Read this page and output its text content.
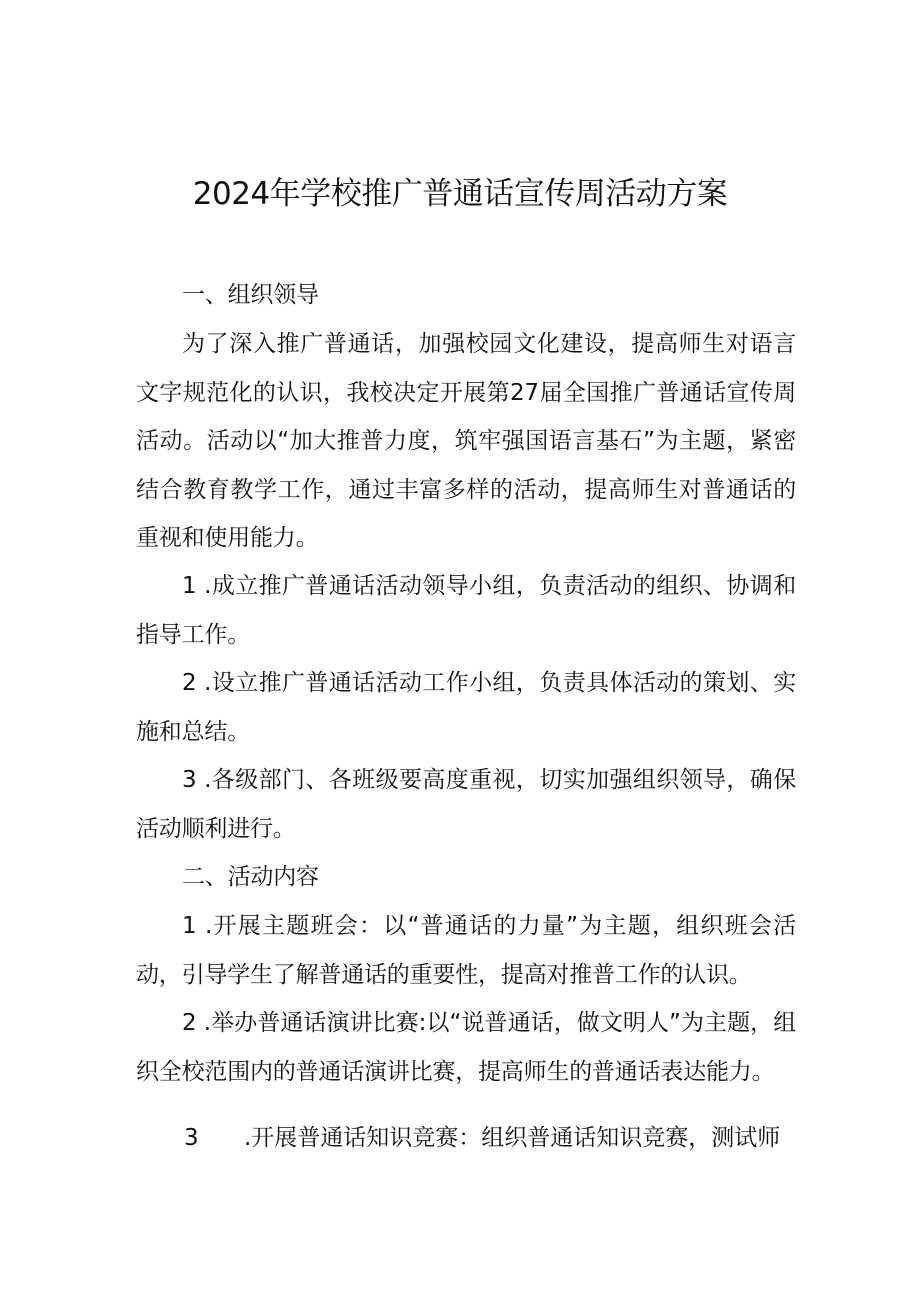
2024年学校推广普通话宣传周活动方案
一、组织领导
为了深入推广普通话，加强校园文化建设，提高师生对语言文字规范化的认识，我校决定开展第27届全国推广普通话宣传周活动。活动以“加大推普力度，筑牢强国语言基石”为主题，紧密结合教育教学工作，通过丰富多样的活动，提高师生对普通话的重视和使用能力。
1 .成立推广普通话活动领导小组，负责活动的组织、协调和指导工作。
2 .设立推广普通话活动工作小组，负责具体活动的策划、实施和总结。
3 .各级部门、各班级要高度重视，切实加强组织领导，确保活动顺利进行。
二、活动内容
1 .开展主题班会：以“普通话的力量”为主题，组织班会活动，引导学生了解普通话的重要性，提高对推普工作的认识。
2 .举办普通话演讲比赛:以“说普通话，做文明人”为主题，组织全校范围内的普通话演讲比赛，提高师生的普通话表达能力。
3 .开展普通话知识竞赛：组织普通话知识竞赛，测试师
